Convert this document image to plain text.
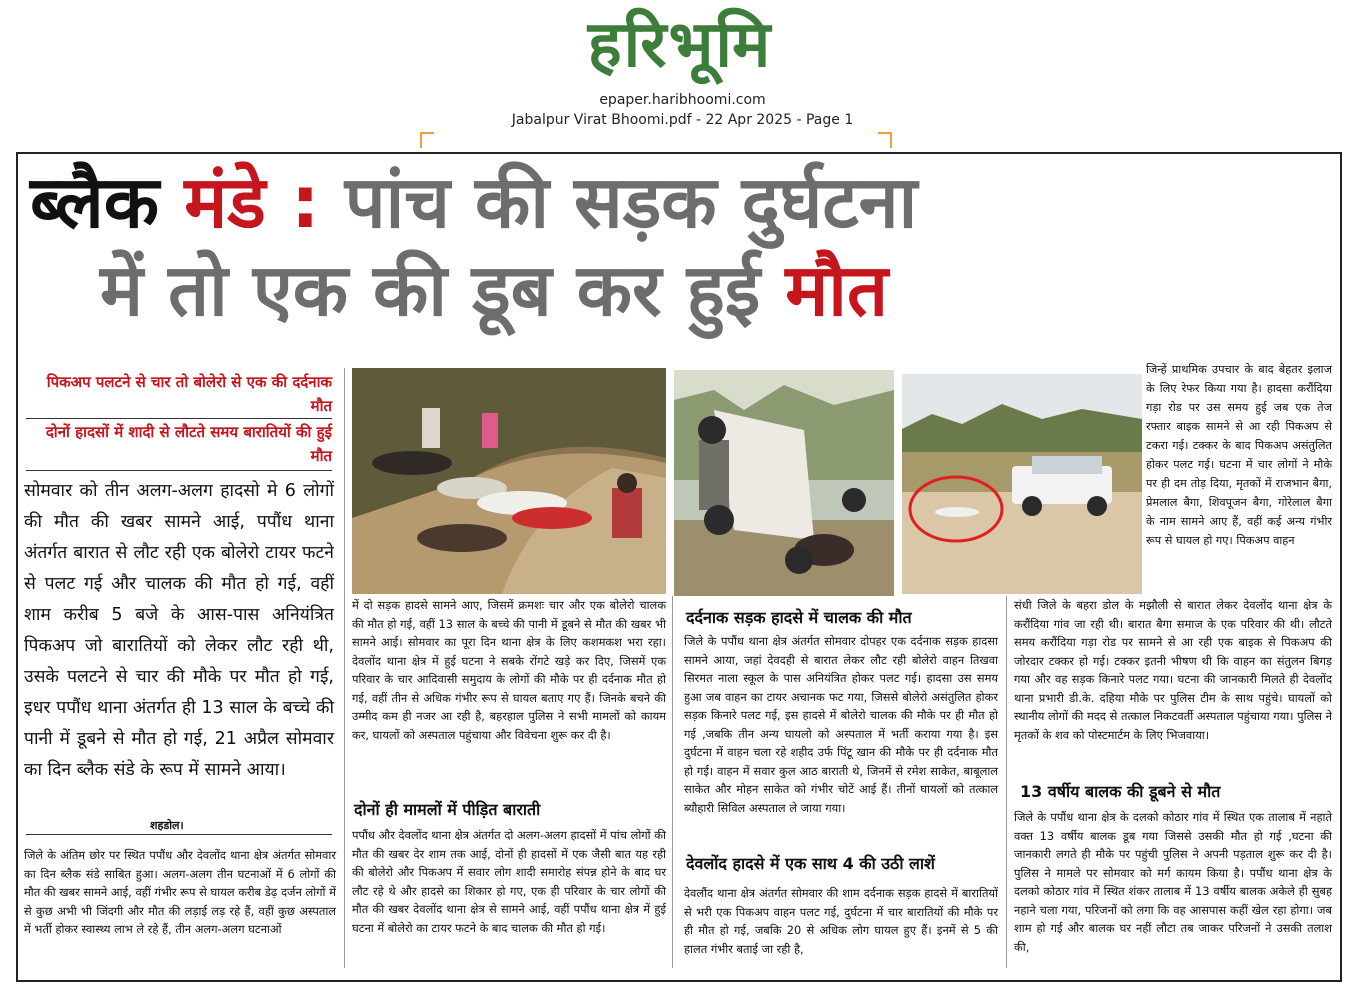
हरिभूमि
epaper.haribhoomi.com
Jabalpur Virat Bhoomi.pdf - 22 Apr 2025 - Page 1
ब्लैक मंडे : पांच की सड़क दुर्घटना
में तो एक की डूब कर हुई मौत
पिकअप पलटने से चार तो बोलेरो से एक की दर्दनाक मौत
दोनों हादसों में शादी से लौटते समय बारातियों की हुई मौत
सोमवार को तीन अलग-अलग हादसो मे 6 लोगों की मौत की खबर सामने आई, पपौंध थाना अंतर्गत बारात से लौट रही एक बोलेरो टायर फटने से पलट गई और चालक की मौत हो गई, वहीं शाम करीब 5 बजे के आस-पास अनियंत्रित पिकअप जो बारातियों को लेकर लौट रही थी, उसके पलटने से चार की मौके पर मौत हो गई, इधर पपौंध थाना अंतर्गत ही 13 साल के बच्चे की पानी में डूबने से मौत हो गई, 21 अप्रैल सोमवार का दिन ब्लैक संडे के रूप में सामने आया।
शहडोल।
जिले के अंतिम छोर पर स्थित पपौंध और देवलोंद थाना क्षेत्र अंतर्गत सोमवार का दिन ब्लैक संडे साबित हुआ। अलग-अलग तीन घटनाओं में 6 लोगों की मौत की खबर सामने आई, वहीं गंभीर रूप से घायल करीब डेढ़ दर्जन लोगों में से कुछ अभी भी जिंदगी और मौत की लड़ाई लड़ रहे हैं, वहीं कुछ अस्पताल में भर्ती होकर स्वास्थ्य लाभ ले रहे हैं, तीन अलग-अलग घटनाओं
में दो सड़क हादसे सामने आए, जिसमें क्रमशः चार और एक बोलेरो चालक की मौत हो गई, वहीं 13 साल के बच्चे की पानी में डूबने से मौत की खबर भी सामने आई। सोमवार का पूरा दिन थाना क्षेत्र के लिए कशमकश भरा रहा। देवलोंद थाना क्षेत्र में हुई घटना ने सबके रोंगटे खड़े कर दिए, जिसमें एक परिवार के चार आदिवासी समुदाय के लोगों की मौके पर ही दर्दनाक मौत हो गई, वहीं तीन से अधिक गंभीर रूप से घायल बताए गए हैं। जिनके बचने की उम्मीद कम ही नजर आ रही है, बहरहाल पुलिस ने सभी मामलों को कायम कर, घायलों को अस्पताल पहुंचाया और विवेचना शुरू कर दी है।
दोनों ही मामलों में पीड़ित बाराती
पपौंध और देवलोंद थाना क्षेत्र अंतर्गत दो अलग-अलग हादसों में पांच लोगों की मौत की खबर देर शाम तक आई, दोनों ही हादसों में एक जैसी बात यह रही की बोलेरो और पिकअप में सवार लोग शादी समारोह संपन्न होने के बाद घर लौट रहे थे और हादसे का शिकार हो गए, एक ही परिवार के चार लोगों की मौत की खबर देवलोंद थाना क्षेत्र से सामने आई, वहीं पपौंध थाना क्षेत्र में हुई घटना में बोलेरो का टायर फटने के बाद चालक की मौत हो गई।
दर्दनाक सड़क हादसे में चालक की मौत
जिले के पपौंध थाना क्षेत्र अंतर्गत सोमवार दोपहर एक दर्दनाक सड़क हादसा सामने आया, जहां देवदही से बारात लेकर लौट रही बोलेरो वाहन तिखवा सिरमत नाला स्कूल के पास अनियंत्रित होकर पलट गई। हादसा उस समय हुआ जब वाहन का टायर अचानक फट गया, जिससे बोलेरो असंतुलित होकर सड़क किनारे पलट गई, इस हादसे में बोलेरो चालक की मौके पर ही मौत हो गई ,जबकि तीन अन्य घायलो को अस्पताल में भर्ती कराया गया है। इस दुर्घटना में वाहन चला रहे शहीद उर्फ पिंटू खान की मौके पर ही दर्दनाक मौत हो गई। वाहन में सवार कुल आठ बाराती थे, जिनमें से रमेश साकेत, बाबूलाल साकेत और मोहन साकेत को गंभीर चोटें आई हैं। तीनों घायलों को तत्काल ब्यौहारी सिविल अस्पताल ले जाया गया।
देवलोंद हादसे में एक साथ 4 की उठी लाशें
देवलौंद थाना क्षेत्र अंतर्गत सोमवार की शाम दर्दनाक सड़क हादसे में बारातियों से भरी एक पिकअप वाहन पलट गई, दुर्घटना में चार बारातियों की मौके पर ही मौत हो गई, जबकि 20 से अधिक लोग घायल हुए हैं। इनमें से 5 की हालत गंभीर बताई जा रही है,
जिन्हें प्राथमिक उपचार के बाद बेहतर इलाज के लिए रेफर किया गया है। हादसा करौंदिया गड़ा रोड पर उस समय हुई जब एक तेज रफ्तार बाइक सामने से आ रही पिकअप से टकरा गई। टक्कर के बाद पिकअप असंतुलित होकर पलट गई। घटना में चार लोगों ने मौके पर ही दम तोड़ दिया, मृतकों में राजभान बैगा, प्रेमलाल बैगा, शिवपूजन बैगा, गोरेलाल बैगा के नाम सामने आए हैं, वहीं कई अन्य गंभीर रूप से घायल हो गए। पिकअप वाहन
संधी जिले के बहरा डोल के मझौली से बारात लेकर देवलोंद थाना क्षेत्र के करौंदिया गांव जा रही थी। बारात बैगा समाज के एक परिवार की थी। लौटते समय करौंदिया गड़ा रोड पर सामने से आ रही एक बाइक से पिकअप की जोरदार टक्कर हो गई। टक्कर इतनी भीषण थी कि वाहन का संतुलन बिगड़ गया और वह सड़क किनारे पलट गया। घटना की जानकारी मिलते ही देवलोंद थाना प्रभारी डी.के. दहिया मौके पर पुलिस टीम के साथ पहुंचे। घायलों को स्थानीय लोगों की मदद से तत्काल निकटवर्ती अस्पताल पहुंचाया गया। पुलिस ने मृतकों के शव को पोस्टमार्टम के लिए भिजवाया।
13 वर्षीय बालक की डूबने से मौत
जिले के पपौंध थाना क्षेत्र के दलको कोठार गांव में स्थित एक तालाब में नहाते वक्त 13 वर्षीय बालक डूब गया जिससे उसकी मौत हो गई ,घटना की जानकारी लगते ही मौके पर पहुंची पुलिस ने अपनी पड़ताल शुरू कर दी है। पुलिस ने मामले पर सोमवार को मर्ग कायम किया है। पपौंध थाना क्षेत्र के दलको कोठार गांव में स्थित शंकर तालाब में 13 वर्षीय बालक अकेले ही सुबह नहाने चला गया, परिजनों को लगा कि वह आसपास कहीं खेल रहा होगा। जब शाम हो गई और बालक घर नहीं लौटा तब जाकर परिजनों ने उसकी तलाश की,
